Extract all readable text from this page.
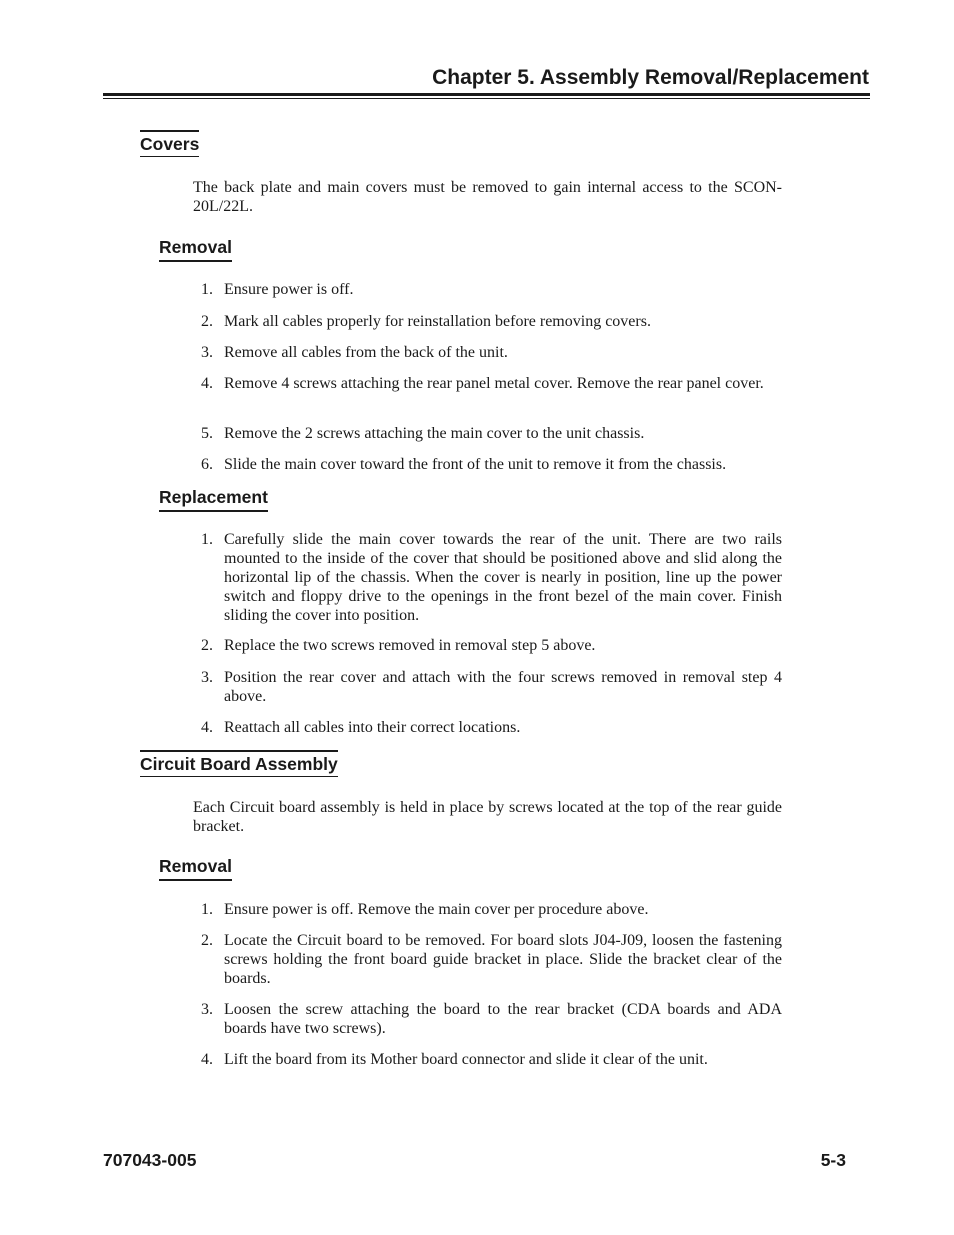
Chapter 5. Assembly Removal/Replacement
Covers
The back plate and main covers must be removed to gain internal access to the SCON-20L/22L.
Removal
1. Ensure power is off.
2. Mark all cables properly for reinstallation before removing covers.
3. Remove all cables from the back of the unit.
4. Remove 4 screws attaching the rear panel metal cover. Remove the rear panel cover.
5. Remove the 2 screws attaching the main cover to the unit chassis.
6. Slide the main cover toward the front of the unit to remove it from the chassis.
Replacement
1. Carefully slide the main cover towards the rear of the unit. There are two rails mounted to the inside of the cover that should be positioned above and slid along the horizontal lip of the chassis. When the cover is nearly in position, line up the power switch and floppy drive to the openings in the front bezel of the main cover. Finish sliding the cover into position.
2. Replace the two screws removed in removal step 5 above.
3. Position the rear cover and attach with the four screws removed in removal step 4 above.
4. Reattach all cables into their correct locations.
Circuit Board Assembly
Each Circuit board assembly is held in place by screws located at the top of the rear guide bracket.
Removal
1. Ensure power is off. Remove the main cover per procedure above.
2. Locate the Circuit board to be removed. For board slots J04-J09, loosen the fastening screws holding the front board guide bracket in place. Slide the bracket clear of the boards.
3. Loosen the screw attaching the board to the rear bracket (CDA boards and ADA boards have two screws).
4. Lift the board from its Mother board connector and slide it clear of the unit.
707043-005	5-3
